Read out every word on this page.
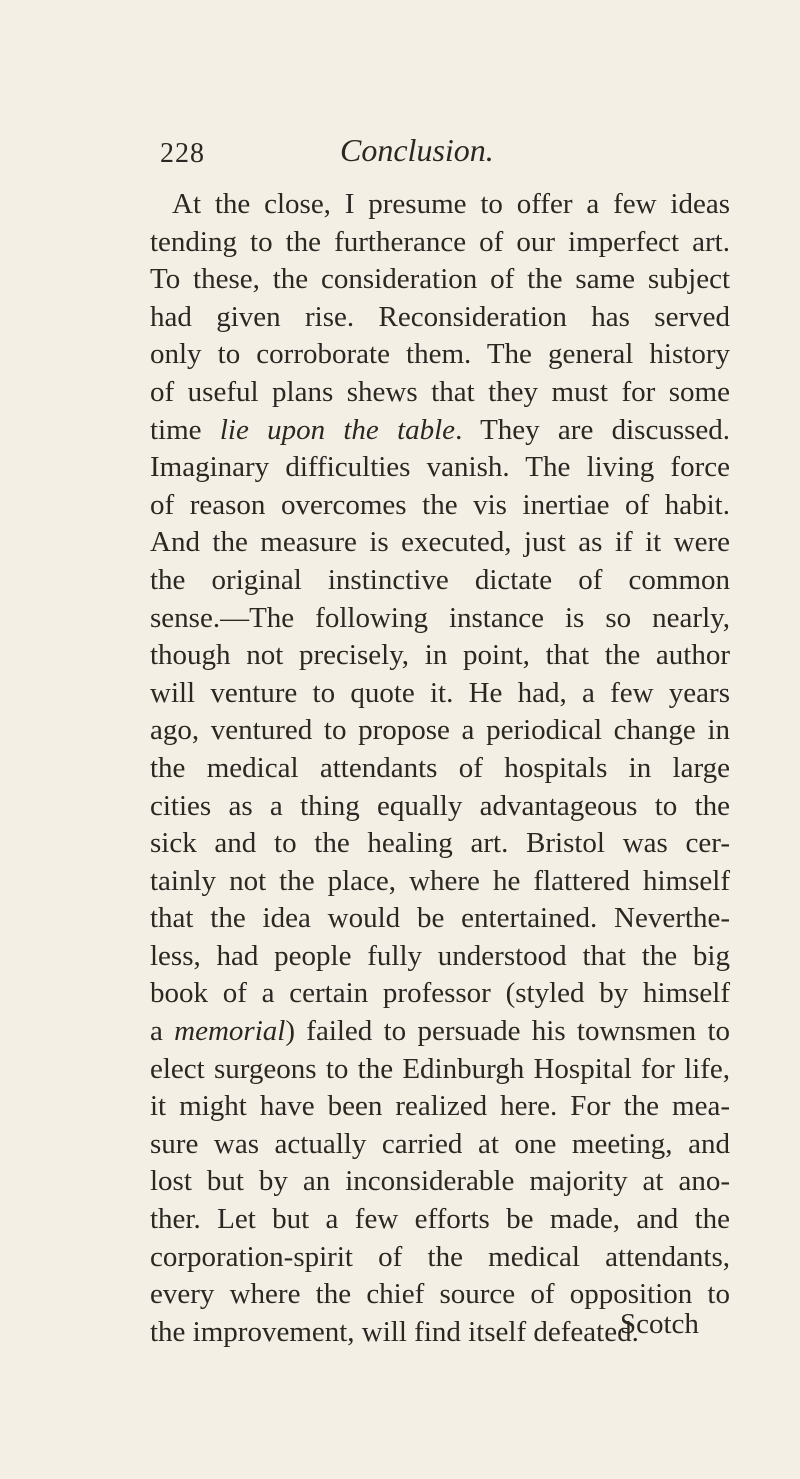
228	Conclusion.
At the close, I presume to offer a few ideas
tending to the furtherance of our imperfect art.
To these, the consideration of the same subject
had given rise. Reconsideration has served
only to corroborate them. The general history
of useful plans shews that they must for some
time lie upon the table. They are discussed.
Imaginary difficulties vanish. The living force
of reason overcomes the vis inertiae of habit.
And the measure is executed, just as if it were
the original instinctive dictate of common
sense.—The following instance is so nearly,
though not precisely, in point, that the author
will venture to quote it. He had, a few years
ago, ventured to propose a periodical change in
the medical attendants of hospitals in large
cities as a thing equally advantageous to the
sick and to the healing art. Bristol was cer-
tainly not the place, where he flattered himself
that the idea would be entertained. Neverthe-
less, had people fully understood that the big
book of a certain professor (styled by himself
a memorial) failed to persuade his townsmen to
elect surgeons to the Edinburgh Hospital for life,
it might have been realized here. For the mea-
sure was actually carried at one meeting, and
lost but by an inconsiderable majority at ano-
ther. Let but a few efforts be made, and the
corporation-spirit of the medical attendants,
every where the chief source of opposition to
the improvement, will find itself defeated.
Scotch
